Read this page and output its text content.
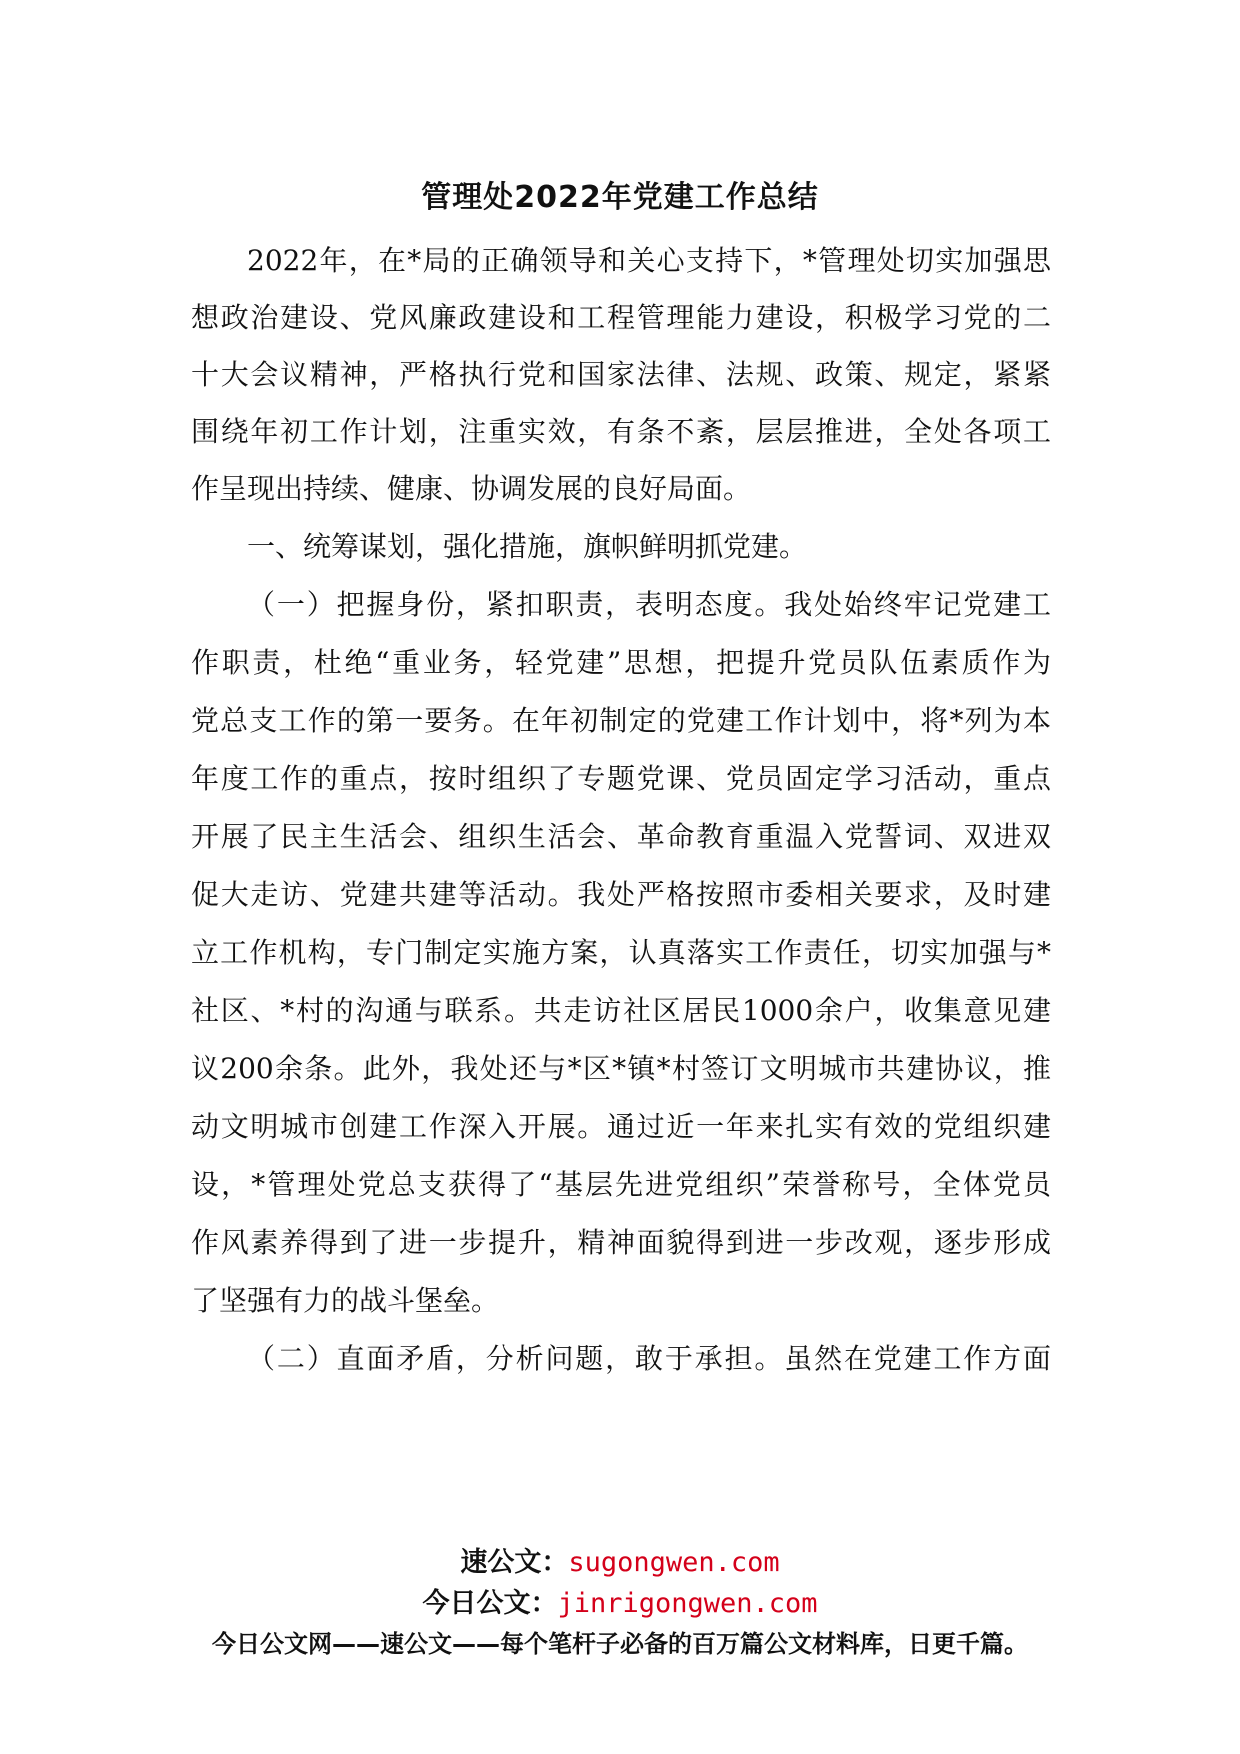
管理处2022年党建工作总结
2022年，在*局的正确领导和关心支持下，*管理处切实加强思
想政治建设、党风廉政建设和工程管理能力建设，积极学习党的二
十大会议精神，严格执行党和国家法律、法规、政策、规定，紧紧
围绕年初工作计划，注重实效，有条不紊，层层推进，全处各项工
作呈现出持续、健康、协调发展的良好局面。
一、统筹谋划，强化措施，旗帜鲜明抓党建。
（一）把握身份，紧扣职责，表明态度。我处始终牢记党建工
作职责，杜绝“重业务，轻党建”思想，把提升党员队伍素质作为
党总支工作的第一要务。在年初制定的党建工作计划中，将*列为本
年度工作的重点，按时组织了专题党课、党员固定学习活动，重点
开展了民主生活会、组织生活会、革命教育重温入党誓词、双进双
促大走访、党建共建等活动。我处严格按照市委相关要求，及时建
立工作机构，专门制定实施方案，认真落实工作责任，切实加强与*
社区、*村的沟通与联系。共走访社区居民1000余户，收集意见建
议200余条。此外，我处还与*区*镇*村签订文明城市共建协议，推
动文明城市创建工作深入开展。通过近一年来扎实有效的党组织建
设，*管理处党总支获得了“基层先进党组织”荣誉称号，全体党员
作风素养得到了进一步提升，精神面貌得到进一步改观，逐步形成
了坚强有力的战斗堡垒。
（二）直面矛盾，分析问题，敢于承担。虽然在党建工作方面
速公文：sugongwen.com
今日公文：jinrigongwen.com
今日公文网——速公文——每个笔杆子必备的百万篇公文材料库，日更千篇。
